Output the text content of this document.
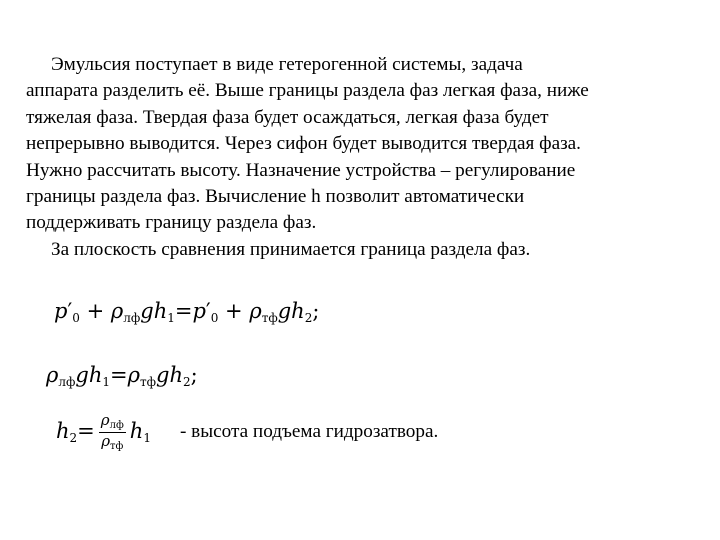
Эмульсия поступает в виде гетерогенной системы, задача
аппарата разделить её. Выше границы раздела фаз легкая фаза, ниже
тяжелая фаза. Твердая фаза будет осаждаться, легкая фаза будет
непрерывно выводится. Через сифон будет выводится твердая фаза.
Нужно рассчитать высоту. Назначение устройства – регулирование
границы раздела фаз. Вычисление h позволит автоматически
поддерживать границу раздела фаз.
За плоскость сравнения принимается граница раздела фаз.
$p'_0 + \rho_{лф}gh_1=p'_0 + \rho_{тф}gh_2$;
$\rho_{лф}gh_1=\rho_{тф}gh_2$;
$h_2= \frac{\rho_{лф}}{\rho_{тф}} h_1$ - высота подъема гидрозатвора.
